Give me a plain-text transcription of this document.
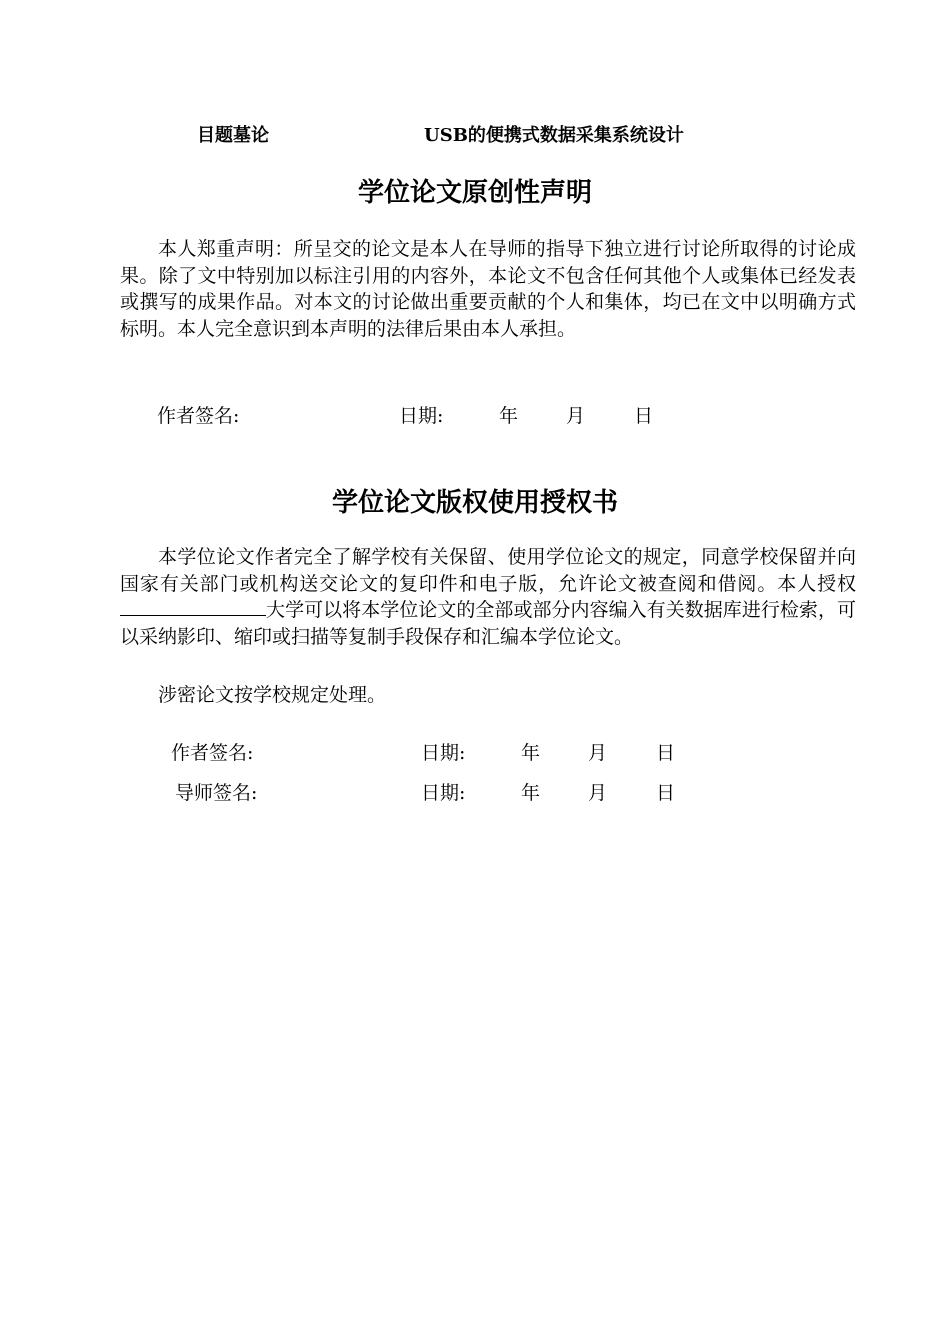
目题墓论	USB的便携式数据采集系统设计
学位论文原创性声明
本人郑重声明：所呈交的论文是本人在导师的指导下独立进行讨论所取得的讨论成果。除了文中特别加以标注引用的内容外，本论文不包含任何其他个人或集体已经发表或撰写的成果作品。对本文的讨论做出重要贡献的个人和集体，均已在文中以明确方式标明。本人完全意识到本声明的法律后果由本人承担。
作者签名:	日期:	年	月	日
学位论文版权使用授权书
本学位论文作者完全了解学校有关保留、使用学位论文的规定，同意学校保留并向国家有关部门或机构送交论文的复印件和电子版，允许论文被查阅和借阅。本人授权大学可以将本学位论文的全部或部分内容编入有关数据库进行检索，可以采纳影印、缩印或扫描等复制手段保存和汇编本学位论文。
涉密论文按学校规定处理。
作者签名:	日期:	年	月	日
导师签名:	日期:	年	月	日
